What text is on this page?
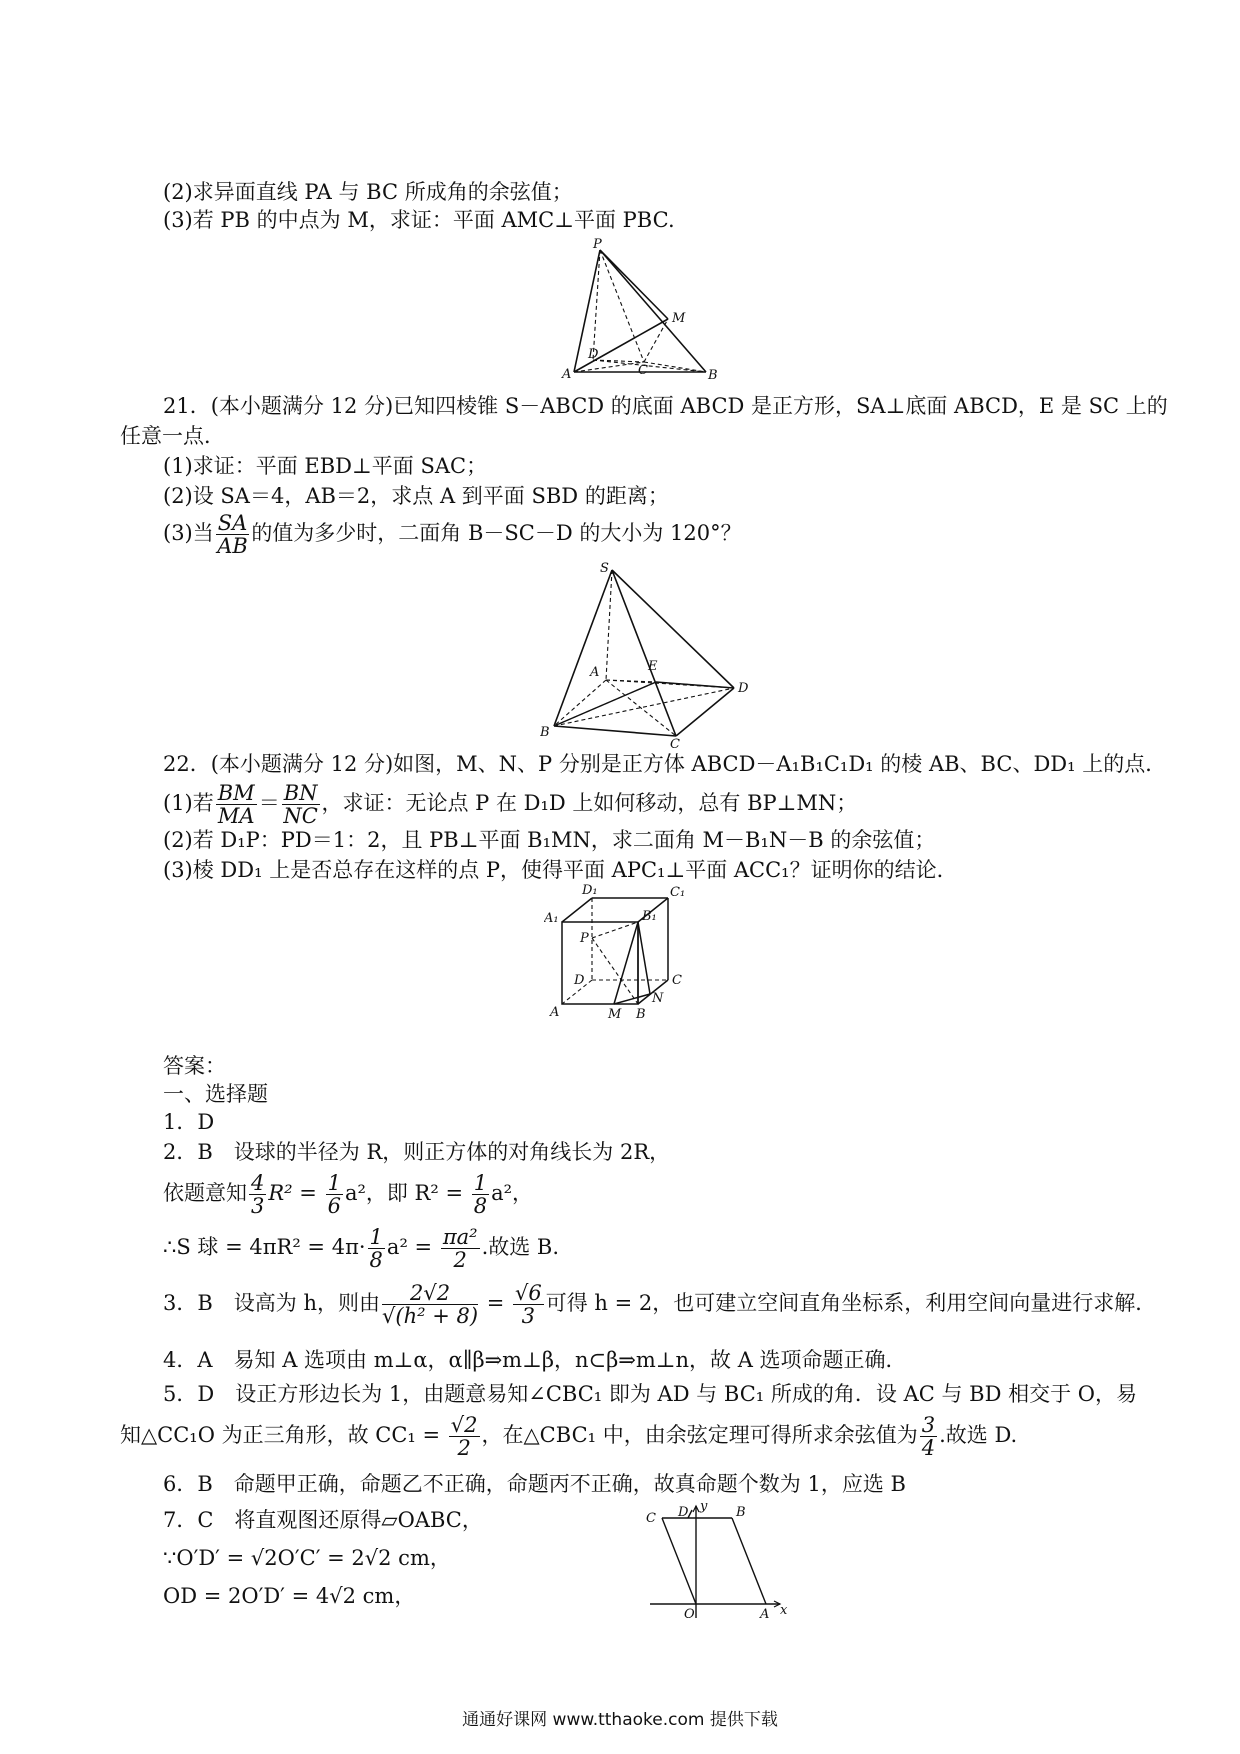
(2)求异面直线 PA 与 BC 所成角的余弦值；
(3)若 PB 的中点为 M，求证：平面 AMC⊥平面 PBC.
P
M
D
C
A	B
21．(本小题满分 12 分)已知四棱锥 S－ABCD 的底面 ABCD 是正方形，SA⊥底面 ABCD，E 是 SC 上的
任意一点．
(1)求证：平面 EBD⊥平面 SAC；
(2)设 SA＝4，AB＝2，求点 A 到平面 SBD 的距离；
(3)当 $\frac{SA}{AB}$ 的值为多少时，二面角 B－SC－D 的大小为 120°？
S
A	E
D
B
C
22．(本小题满分 12 分)如图，M、N、P 分别是正方体 ABCD－A₁B₁C₁D₁ 的棱 AB、BC、DD₁ 上的点．
(1)若 $\frac{BM}{MA} = \frac{BN}{NC}$ ，求证：无论点 P 在 D₁D 上如何移动，总有 BP⊥MN；
(2)若 D₁P：PD＝1：2，且 PB⊥平面 B₁MN，求二面角 M－B₁N－B 的余弦值；
(3)棱 DD₁ 上是否总存在这样的点 P，使得平面 APC₁⊥平面 ACC₁？证明你的结论．
D₁	C₁
A₁	B₁
P
C
D
N
A	M B
答案：
一、选择题
1．D
2．B　设球的半径为 R，则正方体的对角线长为 2R，
依题意知 $\frac{4}{3} R^2 = \frac{1}{6} a^2$，即 $R^2 = \frac{1}{8} a^2$，
∴S 球 = $4\pi R^2 = 4\pi\cdot \frac{1}{8} a^2 = \frac{\text{πa²}}{2}$ .故选 B.
3．B　设高为 h，则由 $\frac{2√2}{\text{√(h² + 8)}} = \frac{√6}{3}$ 可得 h = 2，也可建立空间直角坐标系，利用空间向量进行求解．
4．A　易知 A 选项由 m⊥α，α∥β⇒m⊥β，n⊂β⇒m⊥n，故 A 选项命题正确．
5．D　设正方形边长为 1，由题意易知∠CBC₁ 即为 AD 与 BC₁ 所成的角．设 AC 与 BD 相交于 O，易
知△CC₁O 为正三角形，故 $CC_1 = \frac{√2}{2}$ ，在△CBC₁ 中，由余弦定理可得所求余弦值为 $\frac{3}{4}$ .故选 D.
6．B　命题甲正确，命题乙不正确，命题丙不正确，故真命题个数为 1，应选 B
7．C　将直观图还原得▱OABC，
∵O′D′ = √2O′C′ = 2√2 cm，
OD = 2O′D′ = 4√2 cm，
C D y B
O	A x
通通好课网 www.tthaoke.com 提供下载
